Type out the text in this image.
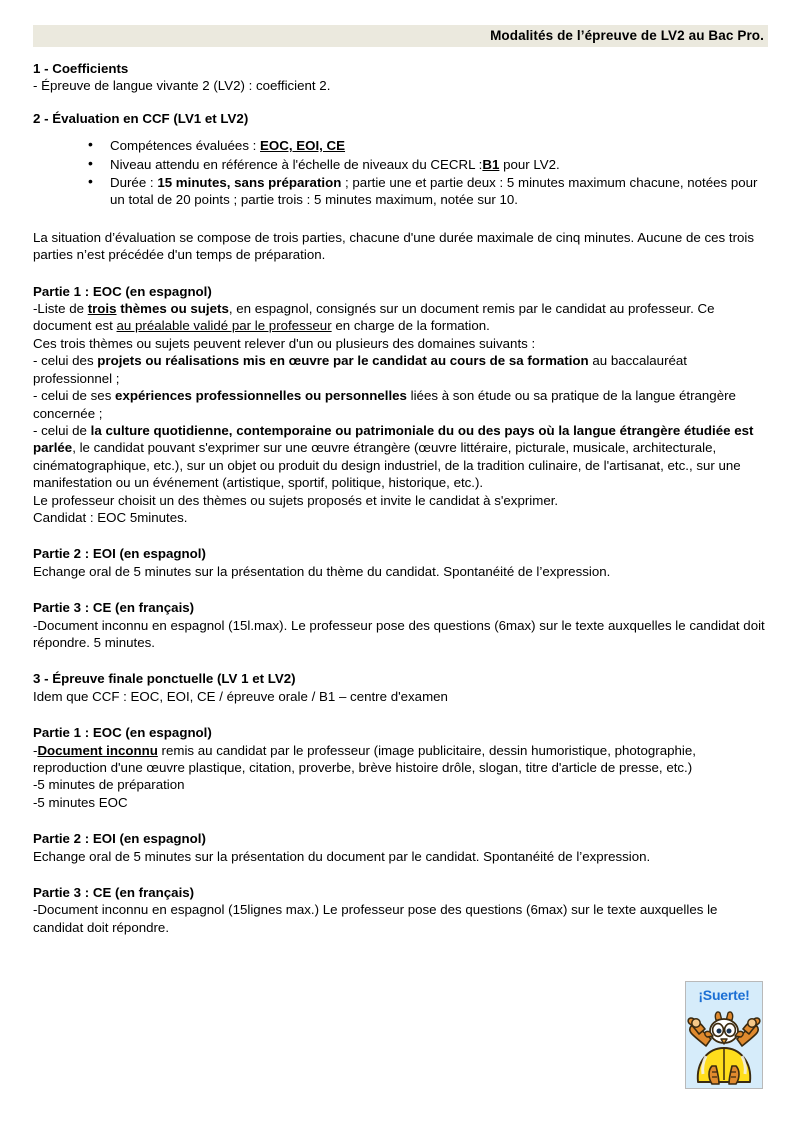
Modalités de l’épreuve de LV2 au Bac Pro.

1 - Coefficients

- Épreuve de langue vivante 2 (LV2) : coefficient 2.

2 - Évaluation en CCF (LV1 et LV2)

• Compétences évaluées : EOC, EOI, CE
• Niveau attendu en référence à l'échelle de niveaux du CECRL :B1 pour LV2.
• Durée : 15 minutes, sans préparation ; partie une et partie deux : 5 minutes maximum chacune, notées pour un total de 20 points ; partie trois : 5 minutes maximum, notée sur 10.

La situation d’évaluation se compose de trois parties, chacune d'une durée maximale de cinq minutes. Aucune de ces trois parties n’est précédée d'un temps de préparation.

Partie 1 : EOC (en espagnol)

-Liste de trois thèmes ou sujets, en espagnol, consignés sur un document remis par le candidat au professeur. Ce document est au préalable validé par le professeur en charge de la formation.

Ces trois thèmes ou sujets peuvent relever d'un ou plusieurs des domaines suivants :

- celui des projets ou réalisations mis en œuvre par le candidat au cours de sa formation au baccalauréat professionnel ;

- celui de ses expériences professionnelles ou personnelles liées à son étude ou sa pratique de la langue étrangère concernée ;

- celui de la culture quotidienne, contemporaine ou patrimoniale du ou des pays où la langue étrangère étudiée est parlée, le candidat pouvant s'exprimer sur une œuvre étrangère (œuvre littéraire, picturale, musicale, architecturale, cinématographique, etc.), sur un objet ou produit du design industriel, de la tradition culinaire, de l'artisanat, etc., sur une manifestation ou un événement (artistique, sportif, politique, historique, etc.).

Le professeur choisit un des thèmes ou sujets proposés et invite le candidat à s'exprimer.

Candidat : EOC 5minutes.

Partie 2 : EOI (en espagnol)

Echange oral de 5 minutes sur la présentation du thème du candidat. Spontanéité de l’expression.

Partie 3 : CE (en français)

-Document inconnu en espagnol (15l.max). Le professeur pose des questions (6max) sur le texte auxquelles le candidat doit répondre. 5 minutes.

3 - Épreuve finale ponctuelle (LV 1 et LV2)

Idem que CCF : EOC, EOI, CE / épreuve orale / B1 – centre d'examen

Partie 1 : EOC (en espagnol)

-Document inconnu remis au candidat par le professeur (image publicitaire, dessin humoristique, photographie, reproduction d'une œuvre plastique, citation, proverbe, brève histoire drôle, slogan, titre d'article de presse, etc.)

-5 minutes de préparation

-5 minutes EOC

Partie 2 : EOI (en espagnol)

Echange oral de 5 minutes sur la présentation du document par le candidat. Spontanéité de l’expression.

Partie 3 : CE (en français)

-Document inconnu en espagnol (15lignes max.) Le professeur pose des questions (6max) sur le texte auxquelles le candidat doit répondre.

¡Suerte!
